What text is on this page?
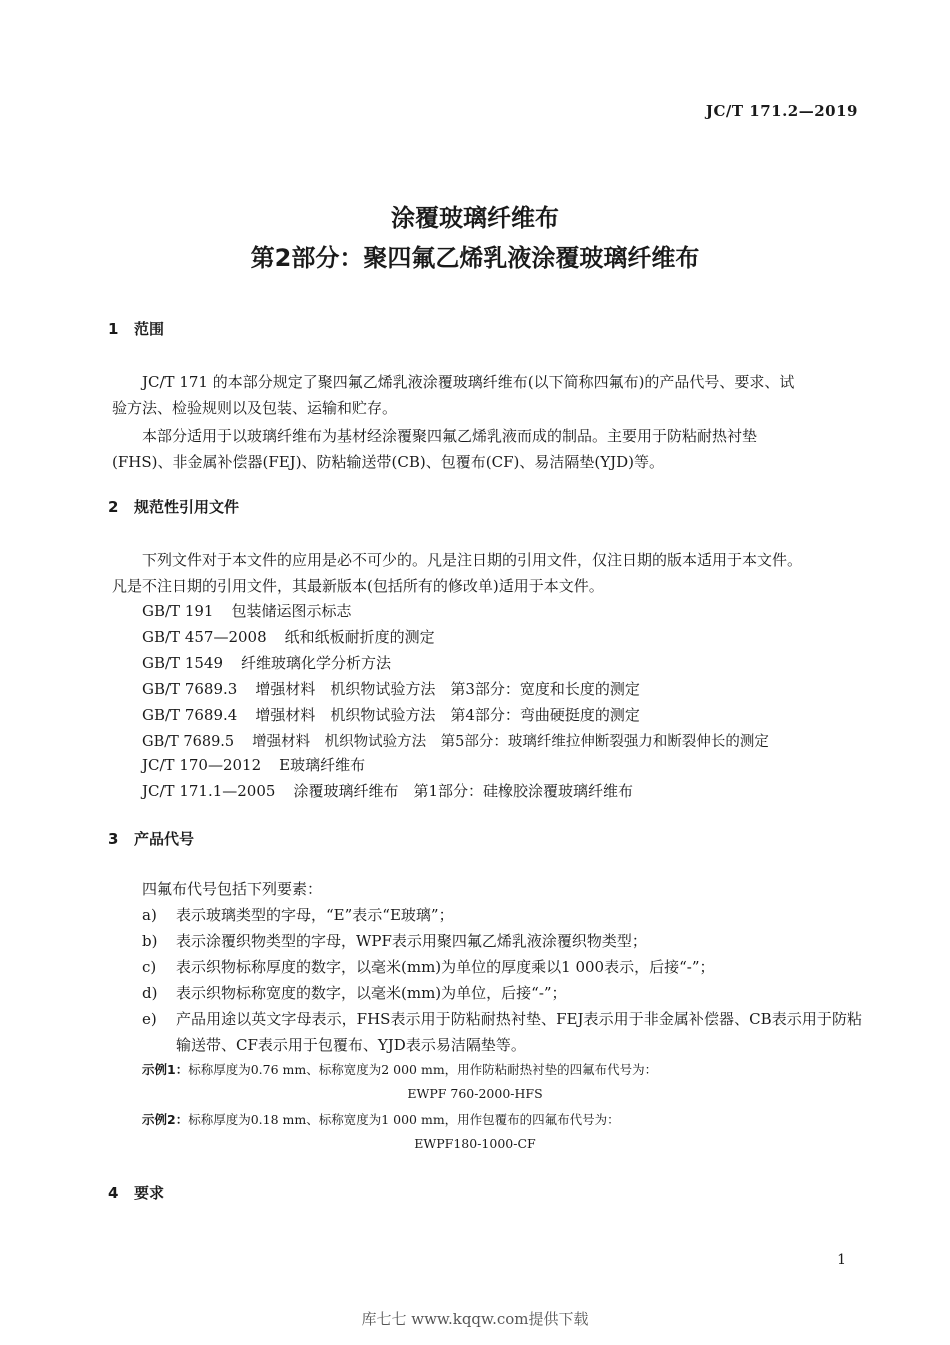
JC/T 171.2—2019
涂覆玻璃纤维布
第2部分：聚四氟乙烯乳液涂覆玻璃纤维布
1 范围
JC/T 171 的本部分规定了聚四氟乙烯乳液涂覆玻璃纤维布(以下简称四氟布)的产品代号、要求、试
验方法、检验规则以及包装、运输和贮存。
本部分适用于以玻璃纤维布为基材经涂覆聚四氟乙烯乳液而成的制品。主要用于防粘耐热衬垫
(FHS)、非金属补偿器(FEJ)、防粘输送带(CB)、包覆布(CF)、易洁隔垫(YJD)等。
2 规范性引用文件
下列文件对于本文件的应用是必不可少的。凡是注日期的引用文件，仅注日期的版本适用于本文件。
凡是不注日期的引用文件，其最新版本(包括所有的修改单)适用于本文件。
GB/T 191 包装储运图示标志
GB/T 457—2008 纸和纸板耐折度的测定
GB/T 1549 纤维玻璃化学分析方法
GB/T 7689.3 增强材料　机织物试验方法　第3部分：宽度和长度的测定
GB/T 7689.4 增强材料　机织物试验方法　第4部分：弯曲硬挺度的测定
GB/T 7689.5 增强材料　机织物试验方法　第5部分：玻璃纤维拉伸断裂强力和断裂伸长的测定
JC/T 170—2012 E玻璃纤维布
JC/T 171.1—2005 涂覆玻璃纤维布　第1部分：硅橡胶涂覆玻璃纤维布
3 产品代号
四氟布代号包括下列要素：
a) 表示玻璃类型的字母，“E”表示“E玻璃”；
b) 表示涂覆织物类型的字母，WPF表示用聚四氟乙烯乳液涂覆织物类型；
c) 表示织物标称厚度的数字，以毫米(mm)为单位的厚度乘以1 000表示，后接“-”；
d) 表示织物标称宽度的数字，以毫米(mm)为单位，后接“-”；
e) 产品用途以英文字母表示，FHS表示用于防粘耐热衬垫、FEJ表示用于非金属补偿器、CB表示用于防粘输送带、CF表示用于包覆布、YJD表示易洁隔垫等。
示例1：标称厚度为0.76 mm、标称宽度为2 000 mm，用作防粘耐热衬垫的四氟布代号为：
EWPF 760-2000-HFS
示例2：标称厚度为0.18 mm、标称宽度为1 000 mm，用作包覆布的四氟布代号为：
EWPF180-1000-CF
4 要求
1
库七七 www.kqqw.com提供下载
